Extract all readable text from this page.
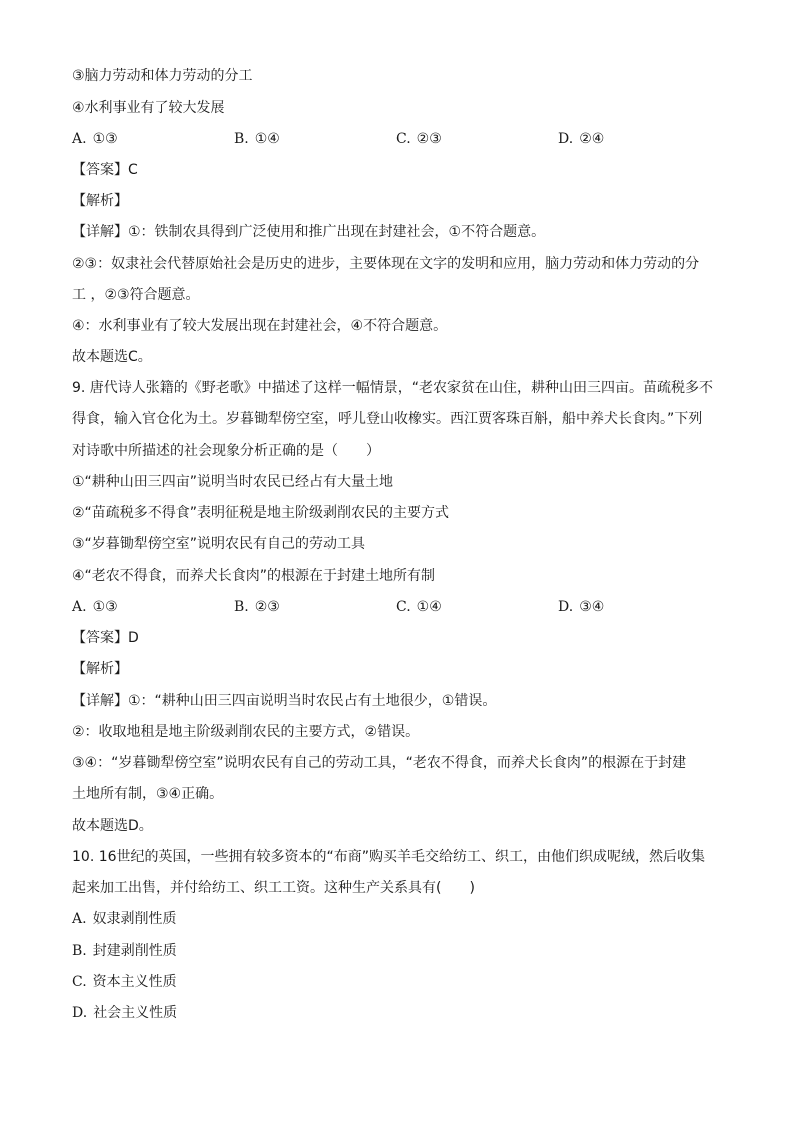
③脑力劳动和体力劳动的分工
④水利事业有了较大发展
A. ①③	B. ①④	C. ②③	D. ②④
【答案】C
【解析】
【详解】①：铁制农具得到广泛使用和推广出现在封建社会，①不符合题意。
②③：奴隶社会代替原始社会是历史的进步，主要体现在文字的发明和应用，脑力劳动和体力劳动的分
工 ，②③符合题意。
④：水利事业有了较大发展出现在封建社会，④不符合题意。
故本题选C。
9. 唐代诗人张籍的《野老歌》中描述了这样一幅情景，“老农家贫在山住，耕种山田三四亩。苗疏税多不
得食，输入官仓化为土。岁暮锄犁傍空室，呼儿登山收橡实。西江贾客珠百斛，船中养犬长食肉。”下列
对诗歌中所描述的社会现象分析正确的是（　　）
①“耕种山田三四亩”说明当时农民已经占有大量土地
②“苗疏税多不得食”表明征税是地主阶级剥削农民的主要方式
③“岁暮锄犁傍空室”说明农民有自己的劳动工具
④“老农不得食，而养犬长食肉”的根源在于封建土地所有制
A. ①③	B. ②③	C. ①④	D. ③④
【答案】D
【解析】
【详解】①：“耕种山田三四亩说明当时农民占有土地很少，①错误。
②：收取地租是地主阶级剥削农民的主要方式，②错误。
③④：“岁暮锄犁傍空室”说明农民有自己的劳动工具，“老农不得食，而养犬长食肉”的根源在于封建
土地所有制，③④正确。
故本题选D。
10. 16世纪的英国，一些拥有较多资本的“布商”购买羊毛交给纺工、织工，由他们织成呢绒，然后收集
起来加工出售，并付给纺工、织工工资。这种生产关系具有(　　)
A. 奴隶剥削性质
B. 封建剥削性质
C. 资本主义性质
D. 社会主义性质
